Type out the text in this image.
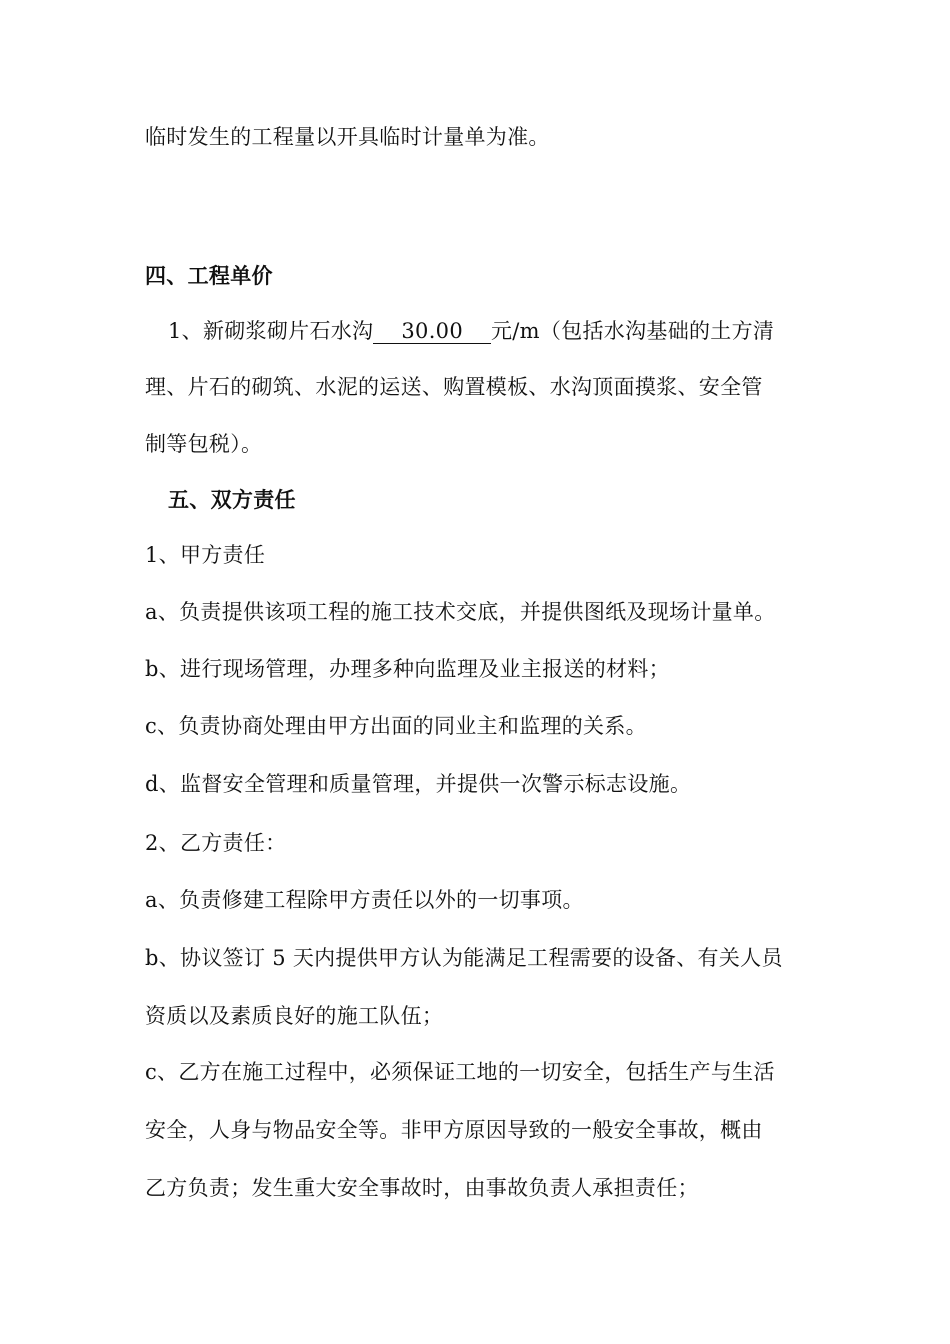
临时发生的工程量以开具临时计量单为准。
四、工程单价
1、新砌浆砌片石水沟 30.00 元/m（包括水沟基础的土方清
理、片石的砌筑、水泥的运送、购置模板、水沟顶面摸浆、安全管
制等包税）。
五、双方责任
1、甲方责任
a、负责提供该项工程的施工技术交底，并提供图纸及现场计量单。
b、进行现场管理，办理多种向监理及业主报送的材料；
c、负责协商处理由甲方出面的同业主和监理的关系。
d、监督安全管理和质量管理，并提供一次警示标志设施。
2、乙方责任：
a、负责修建工程除甲方责任以外的一切事项。
b、协议签订 5 天内提供甲方认为能满足工程需要的设备、有关人员
资质以及素质良好的施工队伍；
c、乙方在施工过程中，必须保证工地的一切安全，包括生产与生活
安全，人身与物品安全等。非甲方原因导致的一般安全事故，概由
乙方负责；发生重大安全事故时，由事故负责人承担责任；
